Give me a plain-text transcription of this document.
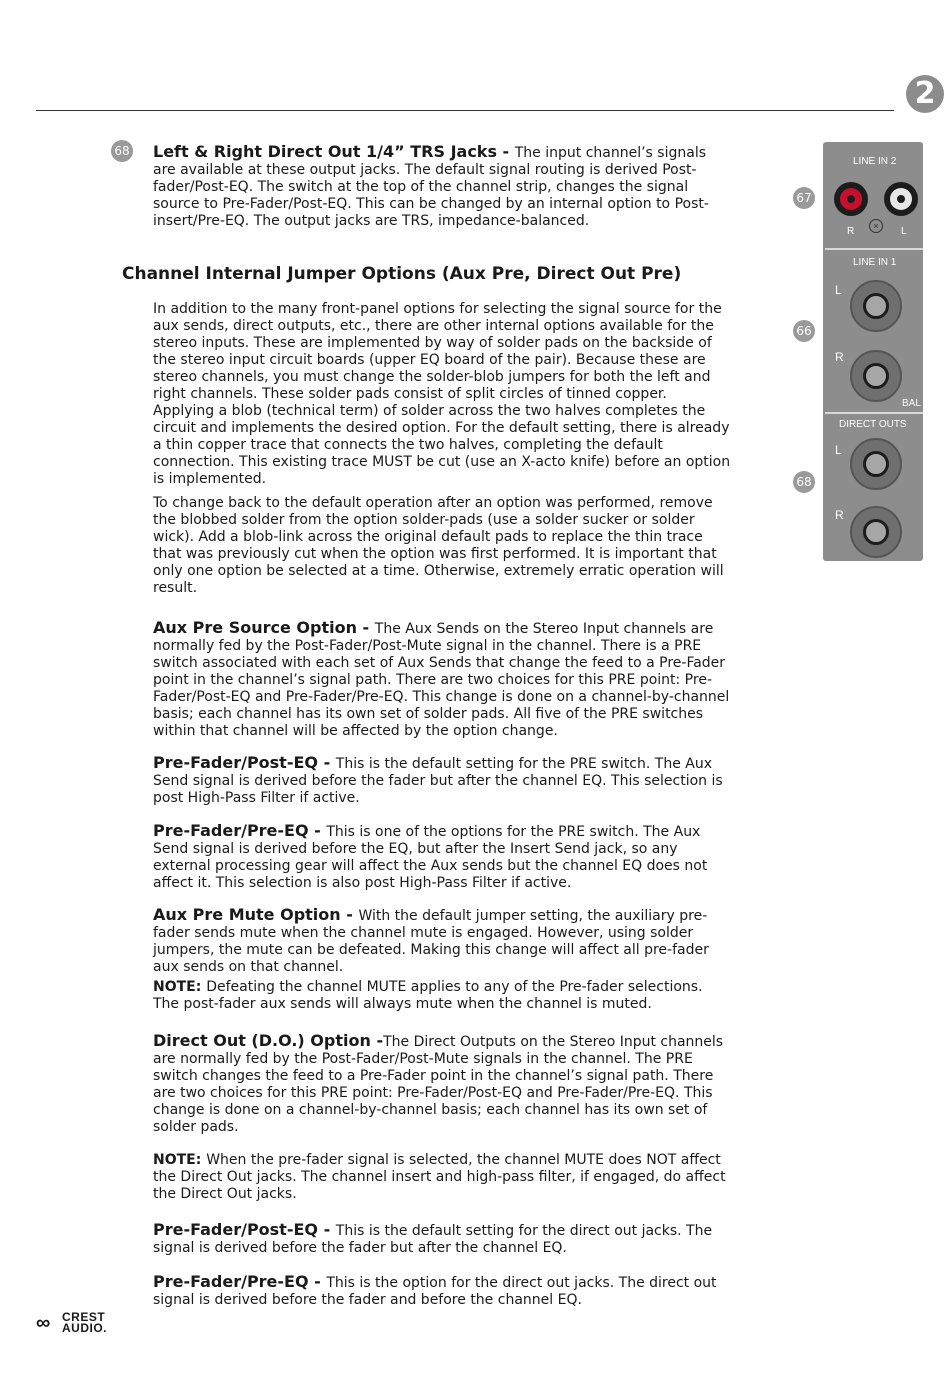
2
68 Left & Right Direct Out 1/4” TRS Jacks - The input channel’s signals are available at these output jacks. The default signal routing is derived Post-fader/Post-EQ. The switch at the top of the channel strip, changes the signal source to Pre-Fader/Post-EQ. This can be changed by an internal option to Post-insert/Pre-EQ. The output jacks are TRS, impedance-balanced.

Channel Internal Jumper Options (Aux Pre, Direct Out Pre)

In addition to the many front-panel options for selecting the signal source for the aux sends, direct outputs, etc., there are other internal options available for the stereo inputs. These are implemented by way of solder pads on the backside of the stereo input circuit boards (upper EQ board of the pair). Because these are stereo channels, you must change the solder-blob jumpers for both the left and right channels. These solder pads consist of split circles of tinned copper. Applying a blob (technical term) of solder across the two halves completes the circuit and implements the desired option. For the default setting, there is already a thin copper trace that connects the two halves, completing the default connection. This existing trace MUST be cut (use an X-acto knife) before an option is implemented.

To change back to the default operation after an option was performed, remove the blobbed solder from the option solder-pads (use a solder sucker or solder wick). Add a blob-link across the original default pads to replace the thin trace that was previously cut when the option was first performed. It is important that only one option be selected at a time. Otherwise, extremely erratic operation will result.

Aux Pre Source Option - The Aux Sends on the Stereo Input channels are normally fed by the Post-Fader/Post-Mute signal in the channel. There is a PRE switch associated with each set of Aux Sends that change the feed to a Pre-Fader point in the channel’s signal path. There are two choices for this PRE point: Pre-Fader/Post-EQ and Pre-Fader/Pre-EQ. This change is done on a channel-by-channel basis; each channel has its own set of solder pads. All five of the PRE switches within that channel will be affected by the option change.

Pre-Fader/Post-EQ - This is the default setting for the PRE switch. The Aux Send signal is derived before the fader but after the channel EQ. This selection is post High-Pass Filter if active.

Pre-Fader/Pre-EQ - This is one of the options for the PRE switch. The Aux Send signal is derived before the EQ, but after the Insert Send jack, so any external processing gear will affect the Aux sends but the channel EQ does not affect it. This selection is also post High-Pass Filter if active.

Aux Pre Mute Option - With the default jumper setting, the auxiliary pre-fader sends mute when the channel mute is engaged. However, using solder jumpers, the mute can be defeated. Making this change will affect all pre-fader aux sends on that channel.

NOTE: Defeating the channel MUTE applies to any of the Pre-fader selections. The post-fader aux sends will always mute when the channel is muted.

Direct Out (D.O.) Option -The Direct Outputs on the Stereo Input channels are normally fed by the Post-Fader/Post-Mute signals in the channel. The PRE switch changes the feed to a Pre-Fader point in the channel’s signal path. There are two choices for this PRE point: Pre-Fader/Post-EQ and Pre-Fader/Pre-EQ. This change is done on a channel-by-channel basis; each channel has its own set of solder pads.

NOTE: When the pre-fader signal is selected, the channel MUTE does NOT affect the Direct Out jacks. The channel insert and high-pass filter, if engaged, do affect the Direct Out jacks.

Pre-Fader/Post-EQ - This is the default setting for the direct out jacks. The signal is derived before the fader but after the channel EQ.

Pre-Fader/Pre-EQ - This is the option for the direct out jacks. The direct out signal is derived before the fader and before the channel EQ.

67
66
68
LINE IN 2
×
R	L
LINE IN 1
L
R
BAL
DIRECT OUTS
L
R
∞ CREST
AUDIO.
